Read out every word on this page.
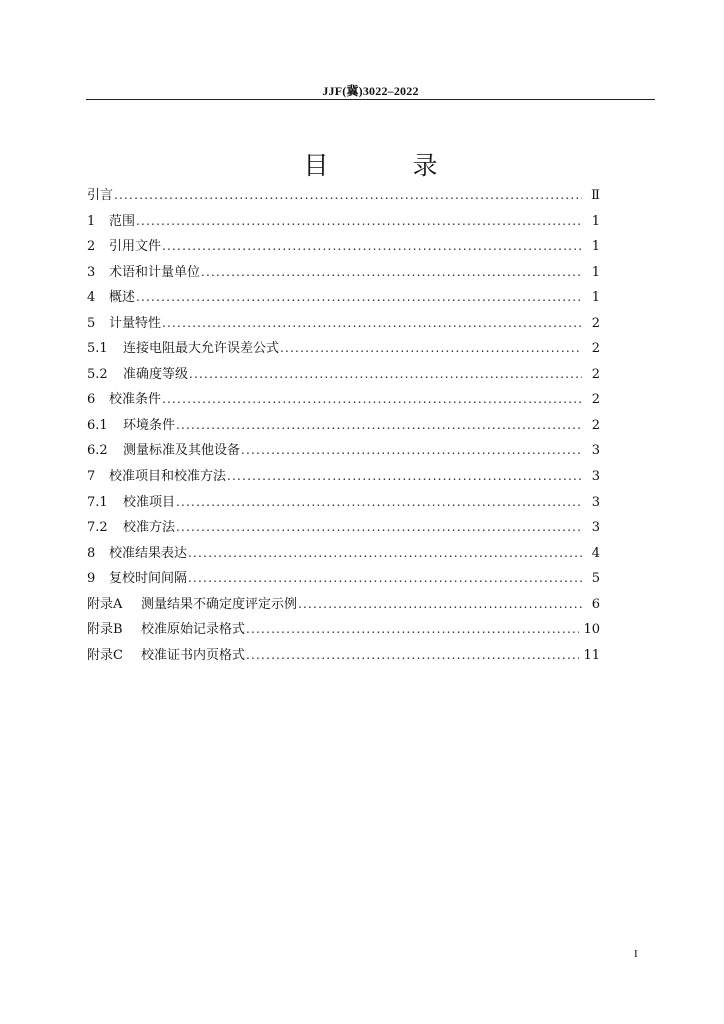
JJF(冀)3022–2022
目 录
引言 .....	Ⅱ
1	范围 .....	1
2	引用文件 .....	1
3	术语和计量单位 .....	1
4	概述 .....	1
5	计量特性 .....	2
5.1	连接电阻最大允许误差公式 .....	2
5.2	准确度等级 .....	2
6	校准条件 .....	2
6.1	环境条件 .....	2
6.2	测量标准及其他设备 .....	3
7	校准项目和校准方法 .....	3
7.1	校准项目 .....	3
7.2	校准方法 .....	3
8	校准结果表达 .....	4
9	复校时间间隔 .....	5
附录A	测量结果不确定度评定示例 .....	6
附录B	校准原始记录格式 .....	10
附录C	校准证书内页格式 .....	11
I
